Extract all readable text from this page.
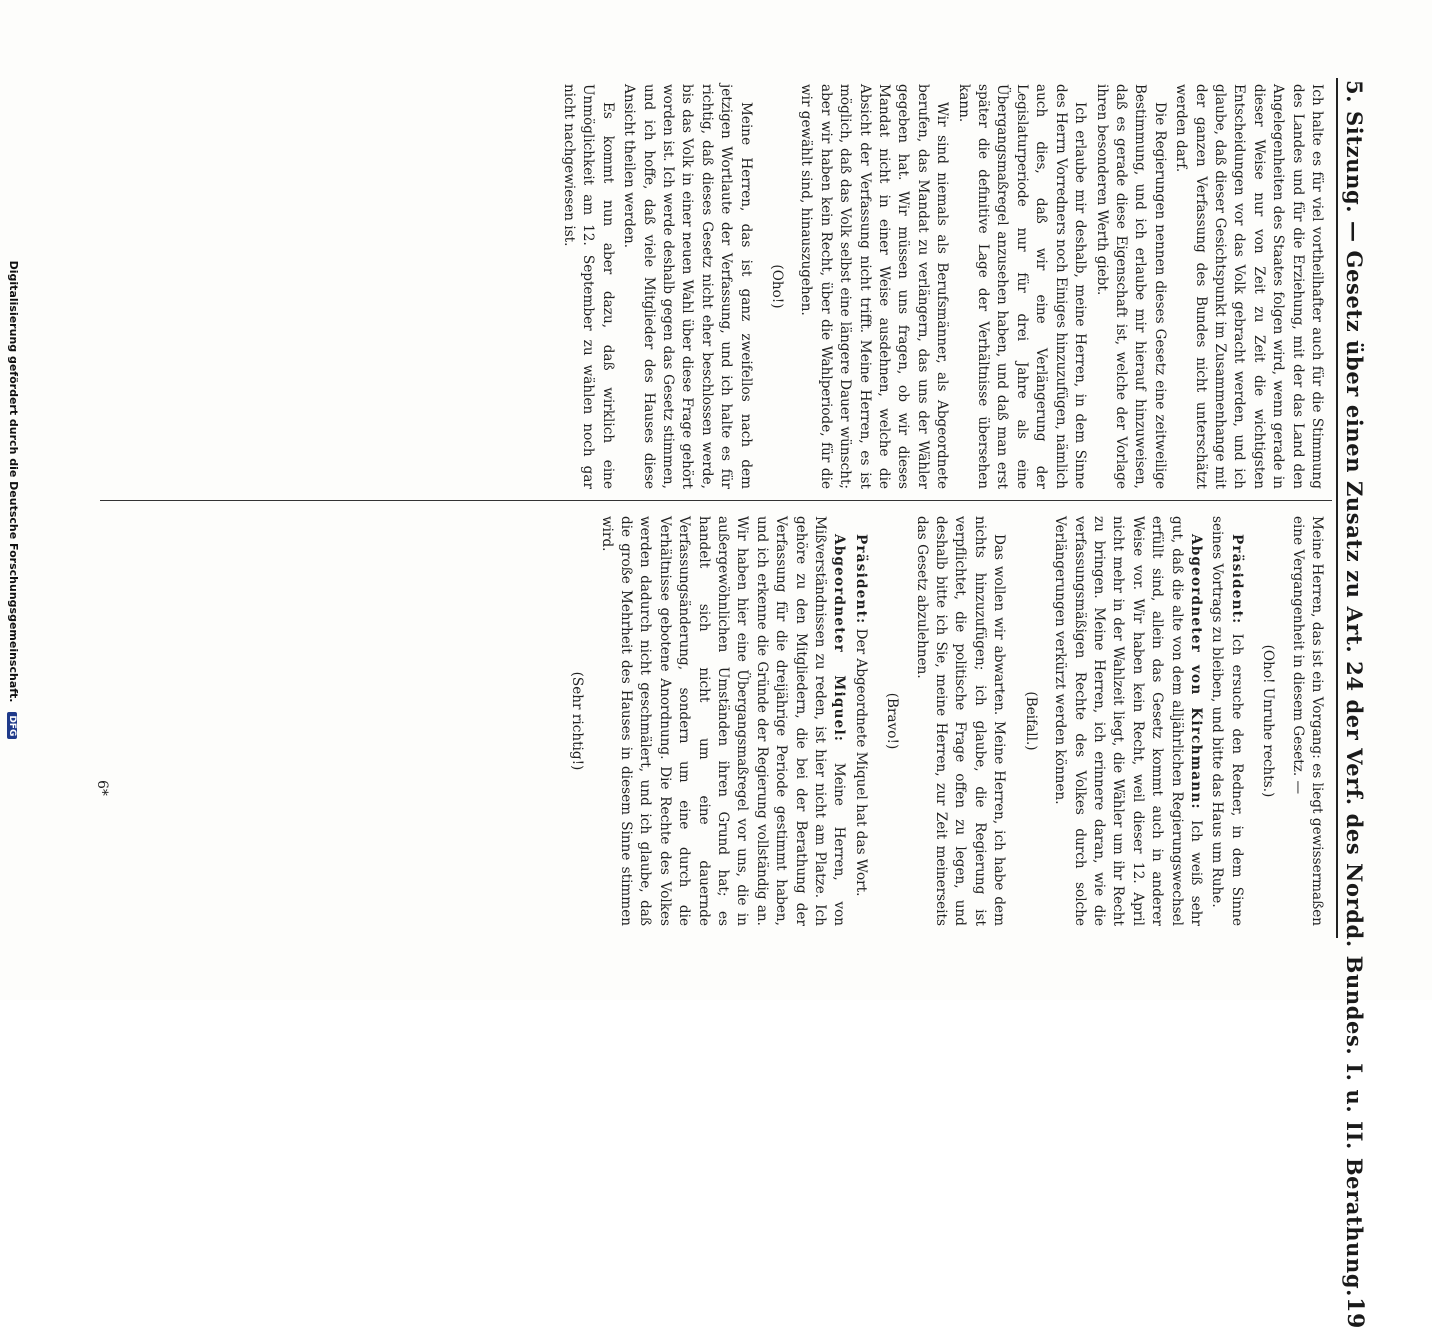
5. Sitzung. — Gesetz über einen Zusatz zu Art. 24 der Verf. des Nordd. Bundes. I. u. II. Berathung.
19

Ich halte es für viel vortheilhafter auch für die Stimmung des Landes und für die Erziehung, mit der das Land den Angelegenheiten des Staates folgen wird, wenn gerade in dieser Weise nur von Zeit zu Zeit die wichtigsten Entscheidungen vor das Volk gebracht werden, und ich glaube, daß dieser Gesichtspunkt im Zusammenhange mit der ganzen Verfassung des Bundes nicht unterschätzt werden darf.

Die Regierungen nennen dieses Gesetz eine zeitweilige Bestimmung, und ich erlaube mir hierauf hinzuweisen, daß es gerade diese Eigenschaft ist, welche der Vorlage ihren besonderen Werth giebt.

Ich erlaube mir deshalb, meine Herren, in dem Sinne des Herrn Vorredners noch Einiges hinzuzufügen, nämlich auch dies, daß wir eine Verlängerung der Legislaturperiode nur für drei Jahre als eine Übergangsmaßregel anzusehen haben, und daß man erst später die definitive Lage der Verhältnisse übersehen kann.

Wir sind niemals als Berufsmänner, als Abgeordnete berufen, das Mandat zu verlängern, das uns der Wähler gegeben hat. Wir müssen uns fragen, ob wir dieses Mandat nicht in einer Weise ausdehnen, welche die Absicht der Verfassung nicht trifft. Meine Herren, es ist möglich, daß das Volk selbst eine längere Dauer wünscht; aber wir haben kein Recht, über die Wahlperiode, für die wir gewählt sind, hinauszugehen.

(Oho!)

Meine Herren, das ist ganz zweifellos nach dem jetzigen Wortlaute der Verfassung, und ich halte es für richtig, daß dieses Gesetz nicht eher beschlossen werde, bis das Volk in einer neuen Wahl über diese Frage gehört worden ist. Ich werde deshalb gegen das Gesetz stimmen, und ich hoffe, daß viele Mitglieder des Hauses diese Ansicht theilen werden.

Es kommt nun aber dazu, daß wirklich eine Unmöglichkeit am 12. September zu wählen noch gar nicht nachgewiesen ist.

Meine Herren, das ist ein Vorgang: es liegt gewissermaßen eine Vergangenheit in diesem Gesetz. —

(Oho! Unruhe rechts.)

Präsident: Ich ersuche den Redner, in dem Sinne seines Vortrags zu bleiben, und bitte das Haus um Ruhe.

Abgeordneter von Kirchmann: Ich weiß sehr gut, daß die alte von dem alljährlichen Regierungswechsel erfüllt sind, allein das Gesetz kommt auch in anderer Weise vor. Wir haben kein Recht, weil dieser 12. April nicht mehr in der Wahlzeit liegt, die Wähler um ihr Recht zu bringen. Meine Herren, ich erinnere daran, wie die verfassungsmäßigen Rechte des Volkes durch solche Verlängerungen verkürzt werden können.

(Beifall.)

Das wollen wir abwarten. Meine Herren, ich habe dem nichts hinzuzufügen; ich glaube, die Regierung ist verpflichtet, die politische Frage offen zu legen, und deshalb bitte ich Sie, meine Herren, zur Zeit meinerseits das Gesetz abzulehnen.

(Bravo!)

Präsident: Der Abgeordnete Miquel hat das Wort.

Abgeordneter Miquel: Meine Herren, von Mißverständnissen zu reden, ist hier nicht am Platze. Ich gehöre zu den Mitgliedern, die bei der Berathung der Verfassung für die dreijährige Periode gestimmt haben, und ich erkenne die Gründe der Regierung vollständig an. Wir haben hier eine Übergangsmaßregel vor uns, die in außergewöhnlichen Umständen ihren Grund hat; es handelt sich nicht um eine dauernde Verfassungsänderung, sondern um eine durch die Verhältnisse gebotene Anordnung. Die Rechte des Volkes werden dadurch nicht geschmälert, und ich glaube, daß die große Mehrheit des Hauses in diesem Sinne stimmen wird.

(Sehr richtig!)

6*
Digitalisierung gefördert durch die Deutsche Forschungsgemeinschaft. DFG
